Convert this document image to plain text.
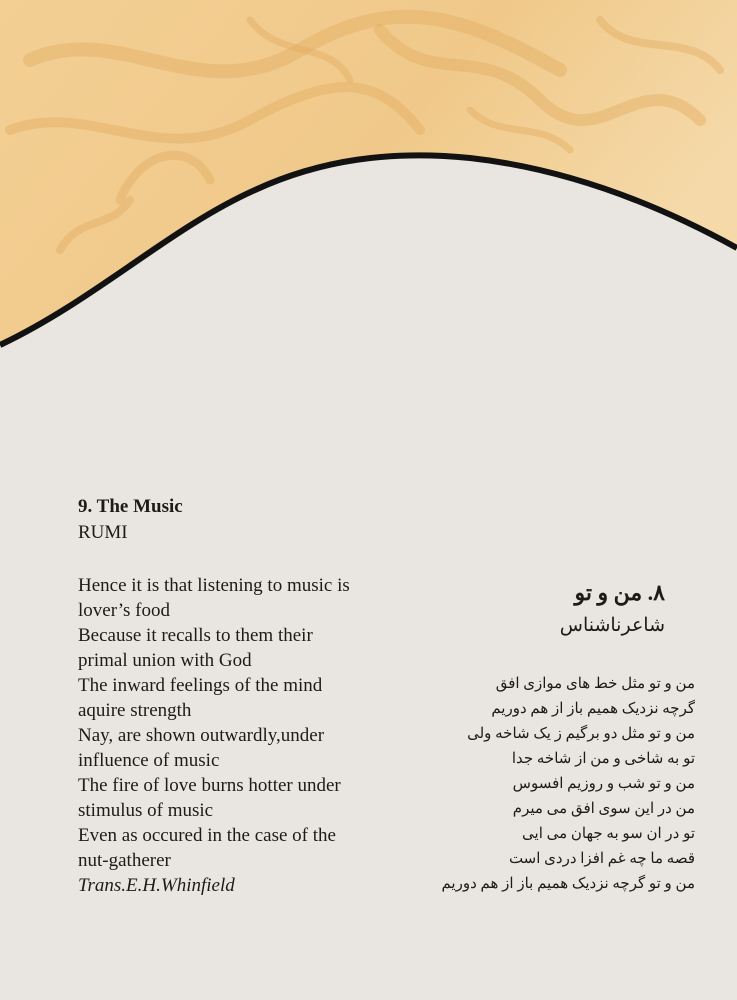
9. The Music
RUMI
Hence it is that listening to music is
lover’s food
Because it recalls to them their
primal union with God
The inward feelings of the mind
aquire strength
Nay, are shown outwardly,under
influence of music
The fire of love burns hotter under
stimulus of music
Even as occured in the case of the
nut-gatherer
Trans.E.H.Whinfield
۸. من و تو
شاعرناشناس
من و تو مثل خط های موازی افق
گرچه نزدیک همیم باز از هم دوریم
من و تو مثل دو برگیم ز یک شاخه ولی
تو به شاخی و من از شاخه جدا
من و تو شب و روزیم افسوس
من در این سوی افق می میرم
تو در ان سو به جهان می ایی
قصه ما چه غم افزا دردی است
من و تو گرچه نزدیک همیم باز از هم دوریم
